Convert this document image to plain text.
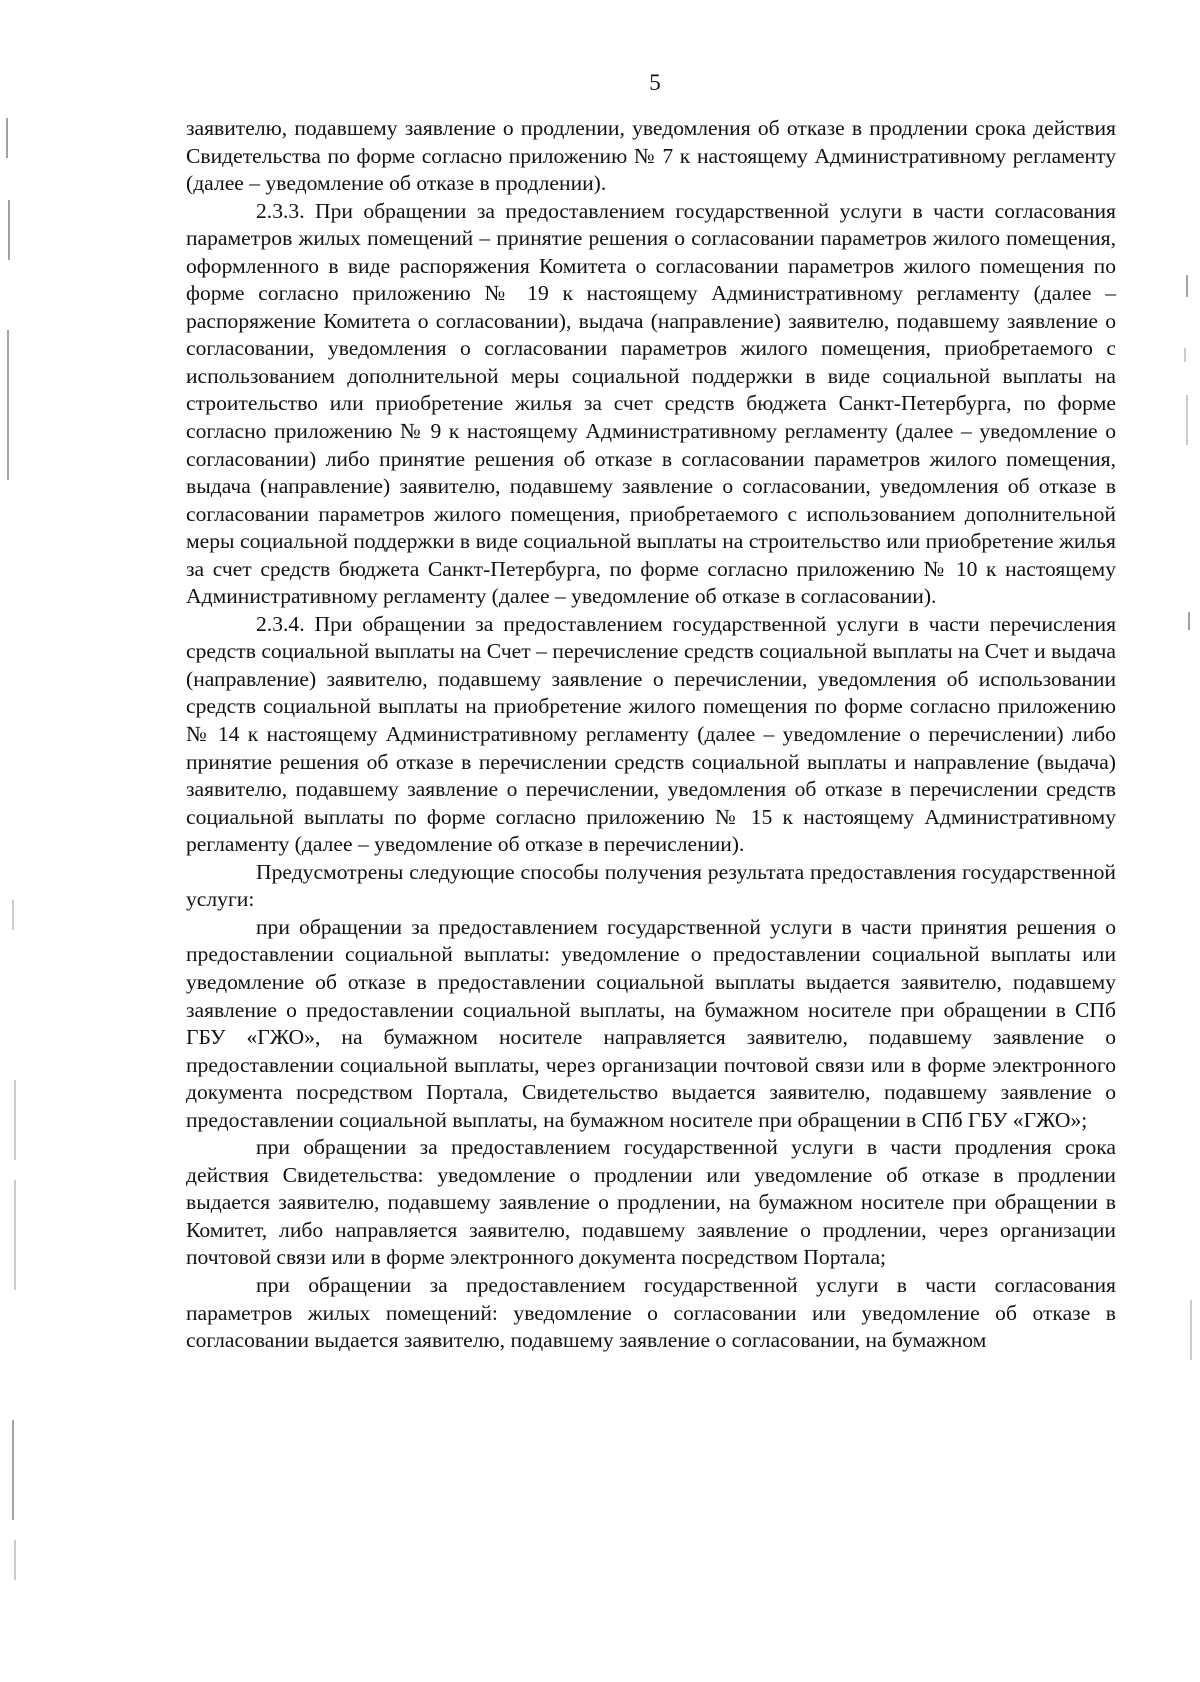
5

заявителю, подавшему заявление о продлении, уведомления об отказе в продлении срока действия Свидетельства по форме согласно приложению № 7 к настоящему Административному регламенту (далее – уведомление об отказе в продлении).

2.3.3. При обращении за предоставлением государственной услуги в части согласования параметров жилых помещений – принятие решения о согласовании параметров жилого помещения, оформленного в виде распоряжения Комитета о согласовании параметров жилого помещения по форме согласно приложению № 19 к настоящему Административному регламенту (далее – распоряжение Комитета о согласовании), выдача (направление) заявителю, подавшему заявление о согласовании, уведомления о согласовании параметров жилого помещения, приобретаемого с использованием дополнительной меры социальной поддержки в виде социальной выплаты на строительство или приобретение жилья за счет средств бюджета Санкт-Петербурга, по форме согласно приложению № 9 к настоящему Административному регламенту (далее – уведомление о согласовании) либо принятие решения об отказе в согласовании параметров жилого помещения, выдача (направление) заявителю, подавшему заявление о согласовании, уведомления об отказе в согласовании параметров жилого помещения, приобретаемого с использованием дополнительной меры социальной поддержки в виде социальной выплаты на строительство или приобретение жилья за счет средств бюджета Санкт-Петербурга, по форме согласно приложению № 10 к настоящему Административному регламенту (далее – уведомление об отказе в согласовании).

2.3.4. При обращении за предоставлением государственной услуги в части перечисления средств социальной выплаты на Счет – перечисление средств социальной выплаты на Счет и выдача (направление) заявителю, подавшему заявление о перечислении, уведомления об использовании средств социальной выплаты на приобретение жилого помещения по форме согласно приложению № 14 к настоящему Административному регламенту (далее – уведомление о перечислении) либо принятие решения об отказе в перечислении средств социальной выплаты и направление (выдача) заявителю, подавшему заявление о перечислении, уведомления об отказе в перечислении средств социальной выплаты по форме согласно приложению № 15 к настоящему Административному регламенту (далее – уведомление об отказе в перечислении).

Предусмотрены следующие способы получения результата предоставления государственной услуги:

при обращении за предоставлением государственной услуги в части принятия решения о предоставлении социальной выплаты: уведомление о предоставлении социальной выплаты или уведомление об отказе в предоставлении социальной выплаты выдается заявителю, подавшему заявление о предоставлении социальной выплаты, на бумажном носителе при обращении в СПб ГБУ «ГЖО», на бумажном носителе направляется заявителю, подавшему заявление о предоставлении социальной выплаты, через организации почтовой связи или в форме электронного документа посредством Портала, Свидетельство выдается заявителю, подавшему заявление о предоставлении социальной выплаты, на бумажном носителе при обращении в СПб ГБУ «ГЖО»;

при обращении за предоставлением государственной услуги в части продления срока действия Свидетельства: уведомление о продлении или уведомление об отказе в продлении выдается заявителю, подавшему заявление о продлении, на бумажном носителе при обращении в Комитет, либо направляется заявителю, подавшему заявление о продлении, через организации почтовой связи или в форме электронного документа посредством Портала;

при обращении за предоставлением государственной услуги в части согласования параметров жилых помещений: уведомление о согласовании или уведомление об отказе в согласовании выдается заявителю, подавшему заявление о согласовании, на бумажном
